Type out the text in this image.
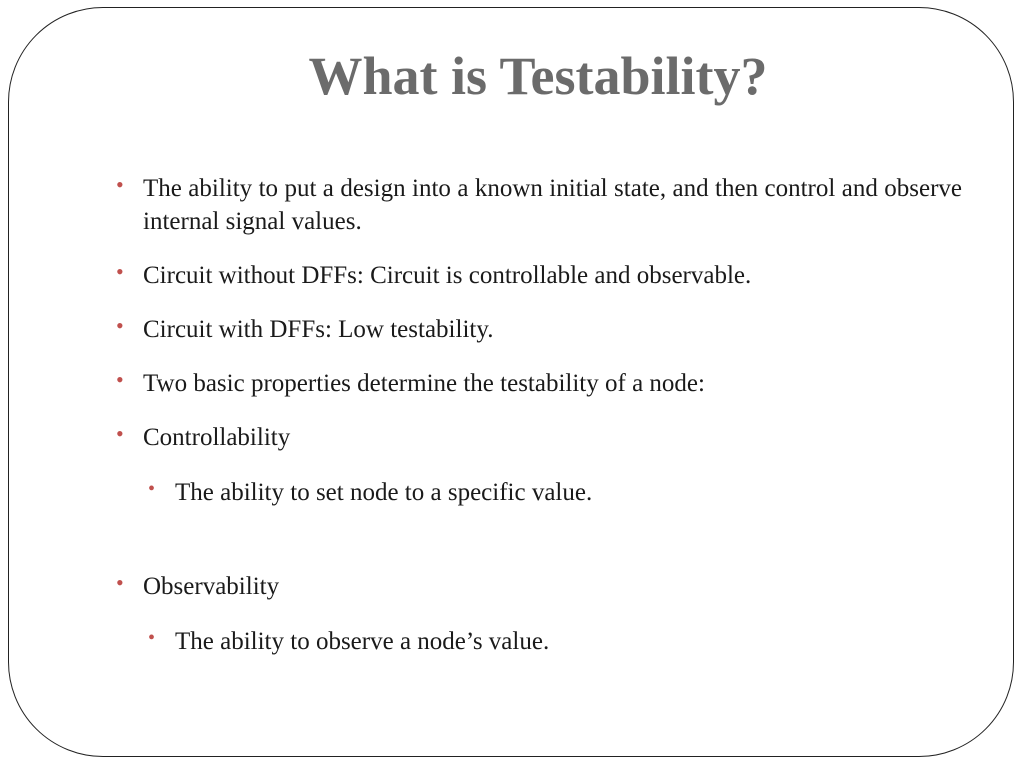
What is Testability?
• The ability to put a design into a known initial state, and then control and observe internal signal values.
• Circuit without DFFs: Circuit is controllable and observable.
• Circuit with DFFs: Low testability.
• Two basic properties determine the testability of a node:
• Controllability
• The ability to set node to a specific value.
• Observability
• The ability to observe a node’s value.
